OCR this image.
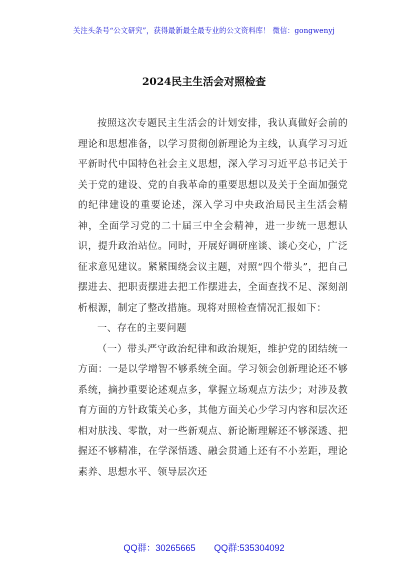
关注头条号“公文研究”，获得最新最全最专业的公文资料库！ 微信：gongwenyj
2024民主生活会对照检查

按照这次专题民主生活会的计划安排，我认真做好会前的理论和思想准备，以学习贯彻创新理论为主线，认真学习习近平新时代中国特色社会主义思想，深入学习习近平总书记关于关于党的建设、党的自我革命的重要思想以及关于全面加强党的纪律建设的重要论述，深入学习中央政治局民主生活会精神，全面学习党的二十届三中全会精神，进一步统一思想认识，提升政治站位。同时，开展好调研座谈、谈心交心，广泛征求意见建议。紧紧围绕会议主题，对照“四个带头”，把自己摆进去、把职责摆进去把工作摆进去，全面查找不足、深刻剖析根源，制定了整改措施。现将对照检查情况汇报如下：

一、存在的主要问题

（一）带头严守政治纪律和政治规矩，维护党的团结统一方面：一是以学增智不够系统全面。学习领会创新理论还不够系统，摘抄重要论述观点多，掌握立场观点方法少；对涉及教育方面的方针政策关心多，其他方面关心少学习内容和层次还相对肤浅、零散，对一些新观点、新论断理解还不够深透、把握还不够精准，在学深悟透、融会贯通上还有不小差距，理论素养、思想水平、领导层次还

QQ群：30265665 QQ群:535304092
